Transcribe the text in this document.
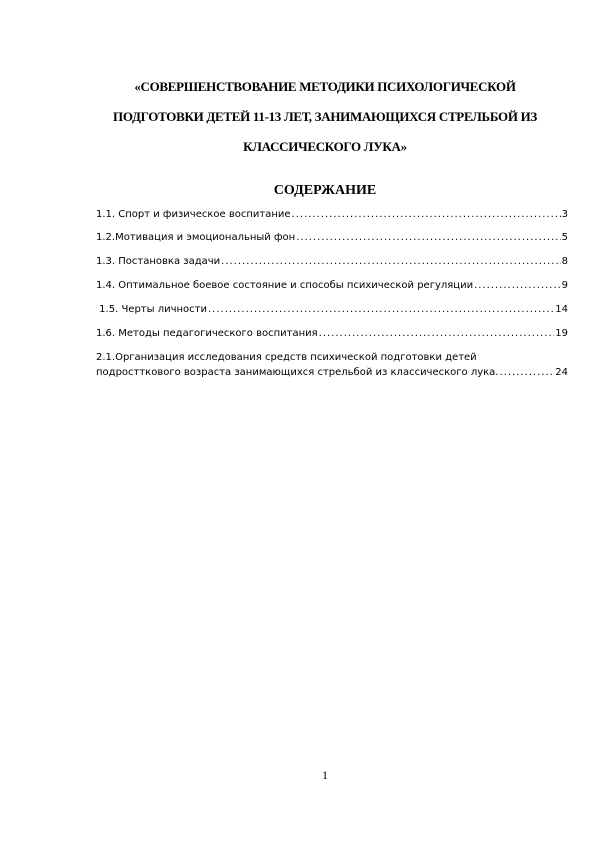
«СОВЕРШЕНСТВОВАНИЕ МЕТОДИКИ ПСИХОЛОГИЧЕСКОЙ
ПОДГОТОВКИ ДЕТЕЙ 11-13 ЛЕТ, ЗАНИМАЮЩИХСЯ СТРЕЛЬБОЙ ИЗ
КЛАССИЧЕСКОГО ЛУКА»
СОДЕРЖАНИЕ
1.1. Спорт и физическое воспитание .....	3
1.2.Мотивация и эмоциональный фон .....	5
1.3. Постановка задачи .....	8
1.4. Оптимальное боевое состояние и способы психической регуляции .....	9
1.5. Черты личности .....	14
1.6. Методы педагогического воспитания .....	19
2.1.Организация исследования средств психической подготовки детей
подростткового возраста занимающихся стрельбой из классического лука. .....	24
1
